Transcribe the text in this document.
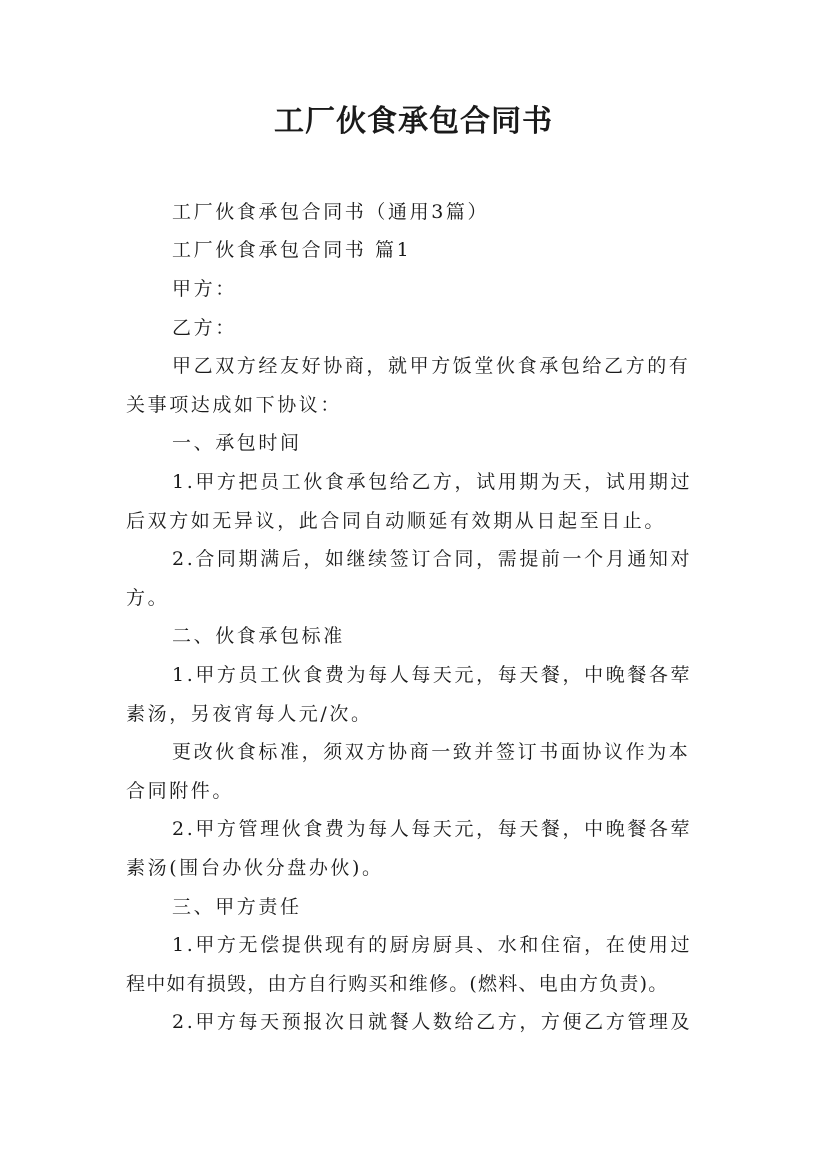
工厂伙食承包合同书
工厂伙食承包合同书（通用3篇）
工厂伙食承包合同书 篇1
甲方：
乙方：
甲乙双方经友好协商，就甲方饭堂伙食承包给乙方的有
关事项达成如下协议：
一、承包时间
1.甲方把员工伙食承包给乙方，试用期为天，试用期过
后双方如无异议，此合同自动顺延有效期从日起至日止。
2.合同期满后，如继续签订合同，需提前一个月通知对
方。
二、伙食承包标准
1.甲方员工伙食费为每人每天元，每天餐，中晚餐各荤
素汤，另夜宵每人元/次。
更改伙食标准，须双方协商一致并签订书面协议作为本
合同附件。
2.甲方管理伙食费为每人每天元，每天餐，中晚餐各荤
素汤(围台办伙分盘办伙)。
三、甲方责任
1.甲方无偿提供现有的厨房厨具、水和住宿，在使用过
程中如有损毁，由方自行购买和维修。(燃料、电由方负责)。
2.甲方每天预报次日就餐人数给乙方，方便乙方管理及
